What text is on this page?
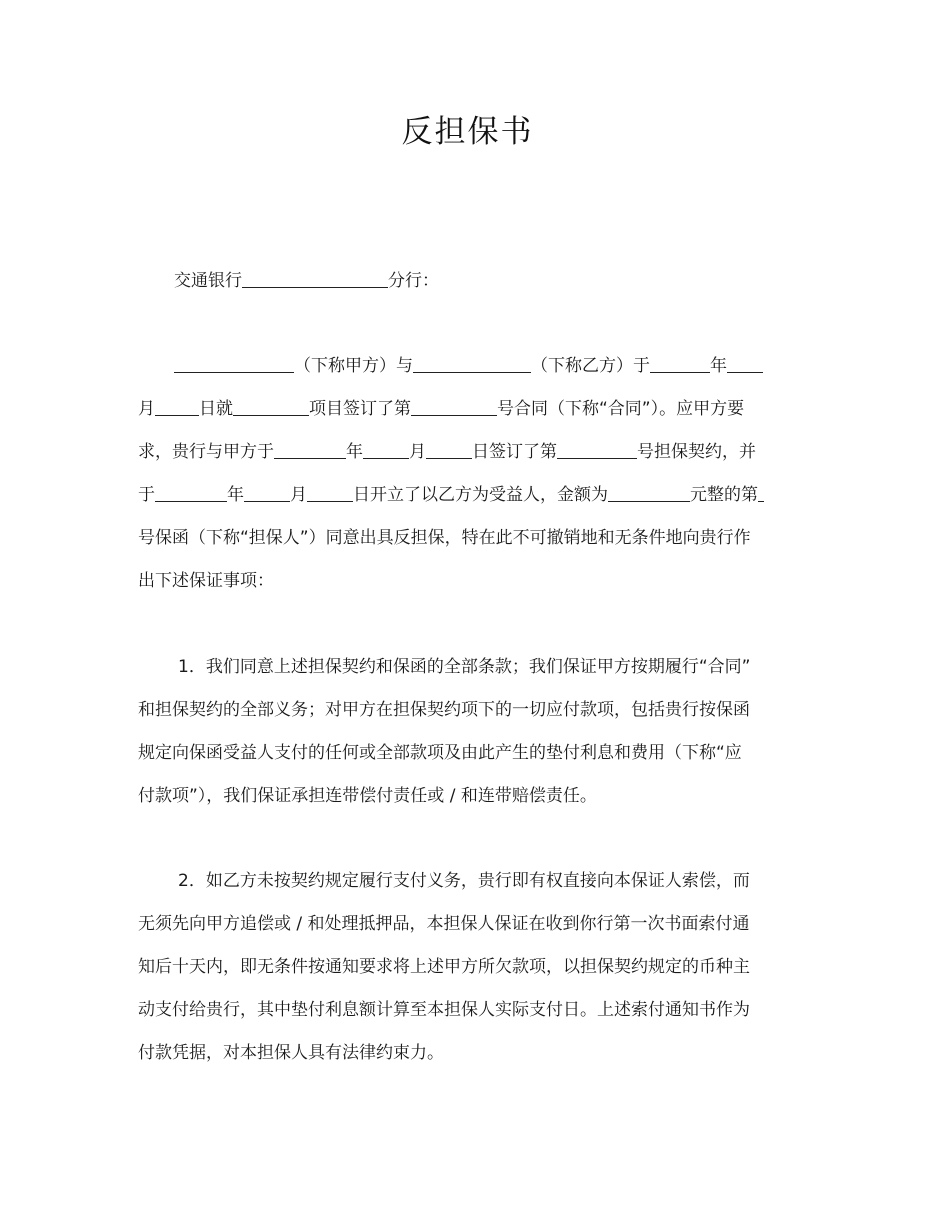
反担保书
交通银行	分行：
（下称甲方）与	（下称乙方）于	年
月	日就	项目签订了第	号合同（下称“合同”）。应甲方要
求，贵行与甲方于	年	月	日签订了第	号担保契约，并
于	年	月	日开立了以乙方为受益人，金额为	元整的第
号保函（下称“担保人”）同意出具反担保，特在此不可撤销地和无条件地向贵行作
出下述保证事项：
1．我们同意上述担保契约和保函的全部条款；我们保证甲方按期履行“合同”
和担保契约的全部义务；对甲方在担保契约项下的一切应付款项，包括贵行按保函
规定向保函受益人支付的任何或全部款项及由此产生的垫付利息和费用（下称“应
付款项”），我们保证承担连带偿付责任或 / 和连带赔偿责任。
2．如乙方未按契约规定履行支付义务，贵行即有权直接向本保证人索偿，而
无须先向甲方追偿或 / 和处理抵押品，本担保人保证在收到你行第一次书面索付通
知后十天内，即无条件按通知要求将上述甲方所欠款项，以担保契约规定的币种主
动支付给贵行，其中垫付利息额计算至本担保人实际支付日。上述索付通知书作为
付款凭据，对本担保人具有法律约束力。
